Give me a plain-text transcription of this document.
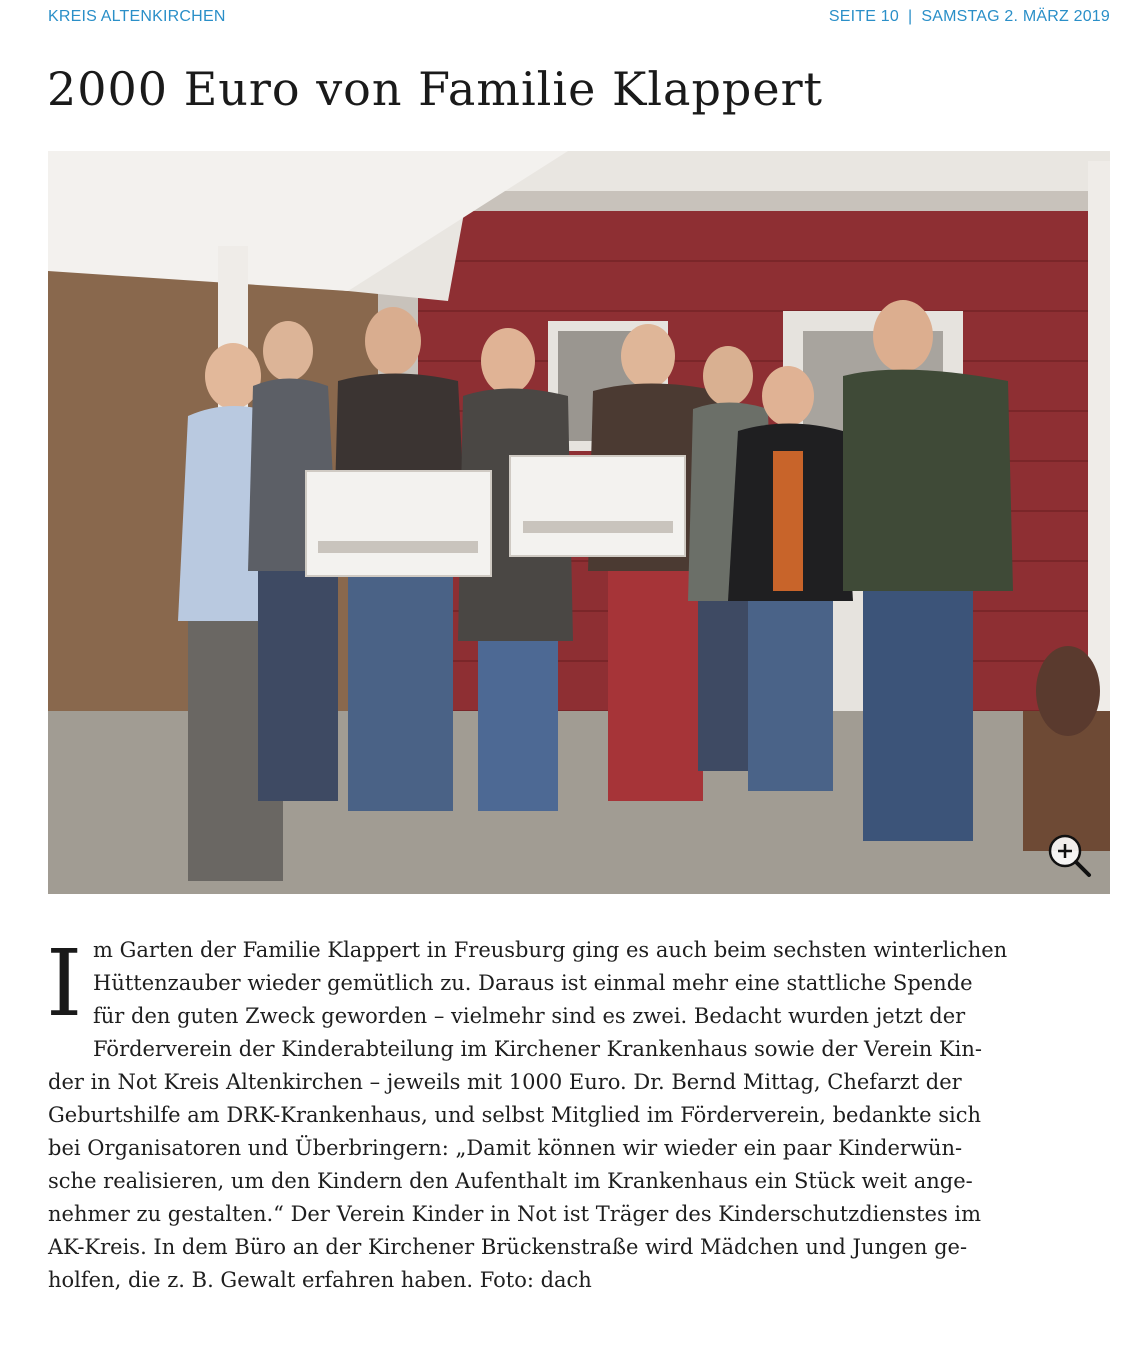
KREIS ALTENKIRCHEN	SEITE 10 | SAMSTAG 2. MÄRZ 2019
2000 Euro von Familie Klappert
I m Garten der Familie Klappert in Freusburg ging es auch beim sechsten winterlichen
Hüttenzauber wieder gemütlich zu. Daraus ist einmal mehr eine stattliche Spende
für den guten Zweck geworden – vielmehr sind es zwei. Bedacht wurden jetzt der
Förderverein der Kinderabteilung im Kirchener Krankenhaus sowie der Verein Kin-
der in Not Kreis Altenkirchen – jeweils mit 1000 Euro. Dr. Bernd Mittag, Chefarzt der
Geburtshilfe am DRK-Krankenhaus, und selbst Mitglied im Förderverein, bedankte sich
bei Organisatoren und Überbringern: „Damit können wir wieder ein paar Kinderwün-
sche realisieren, um den Kindern den Aufenthalt im Krankenhaus ein Stück weit ange-
nehmer zu gestalten.“ Der Verein Kinder in Not ist Träger des Kinderschutzdienstes im
AK-Kreis. In dem Büro an der Kirchener Brückenstraße wird Mädchen und Jungen ge-
holfen, die z. B. Gewalt erfahren haben. Foto: dach
